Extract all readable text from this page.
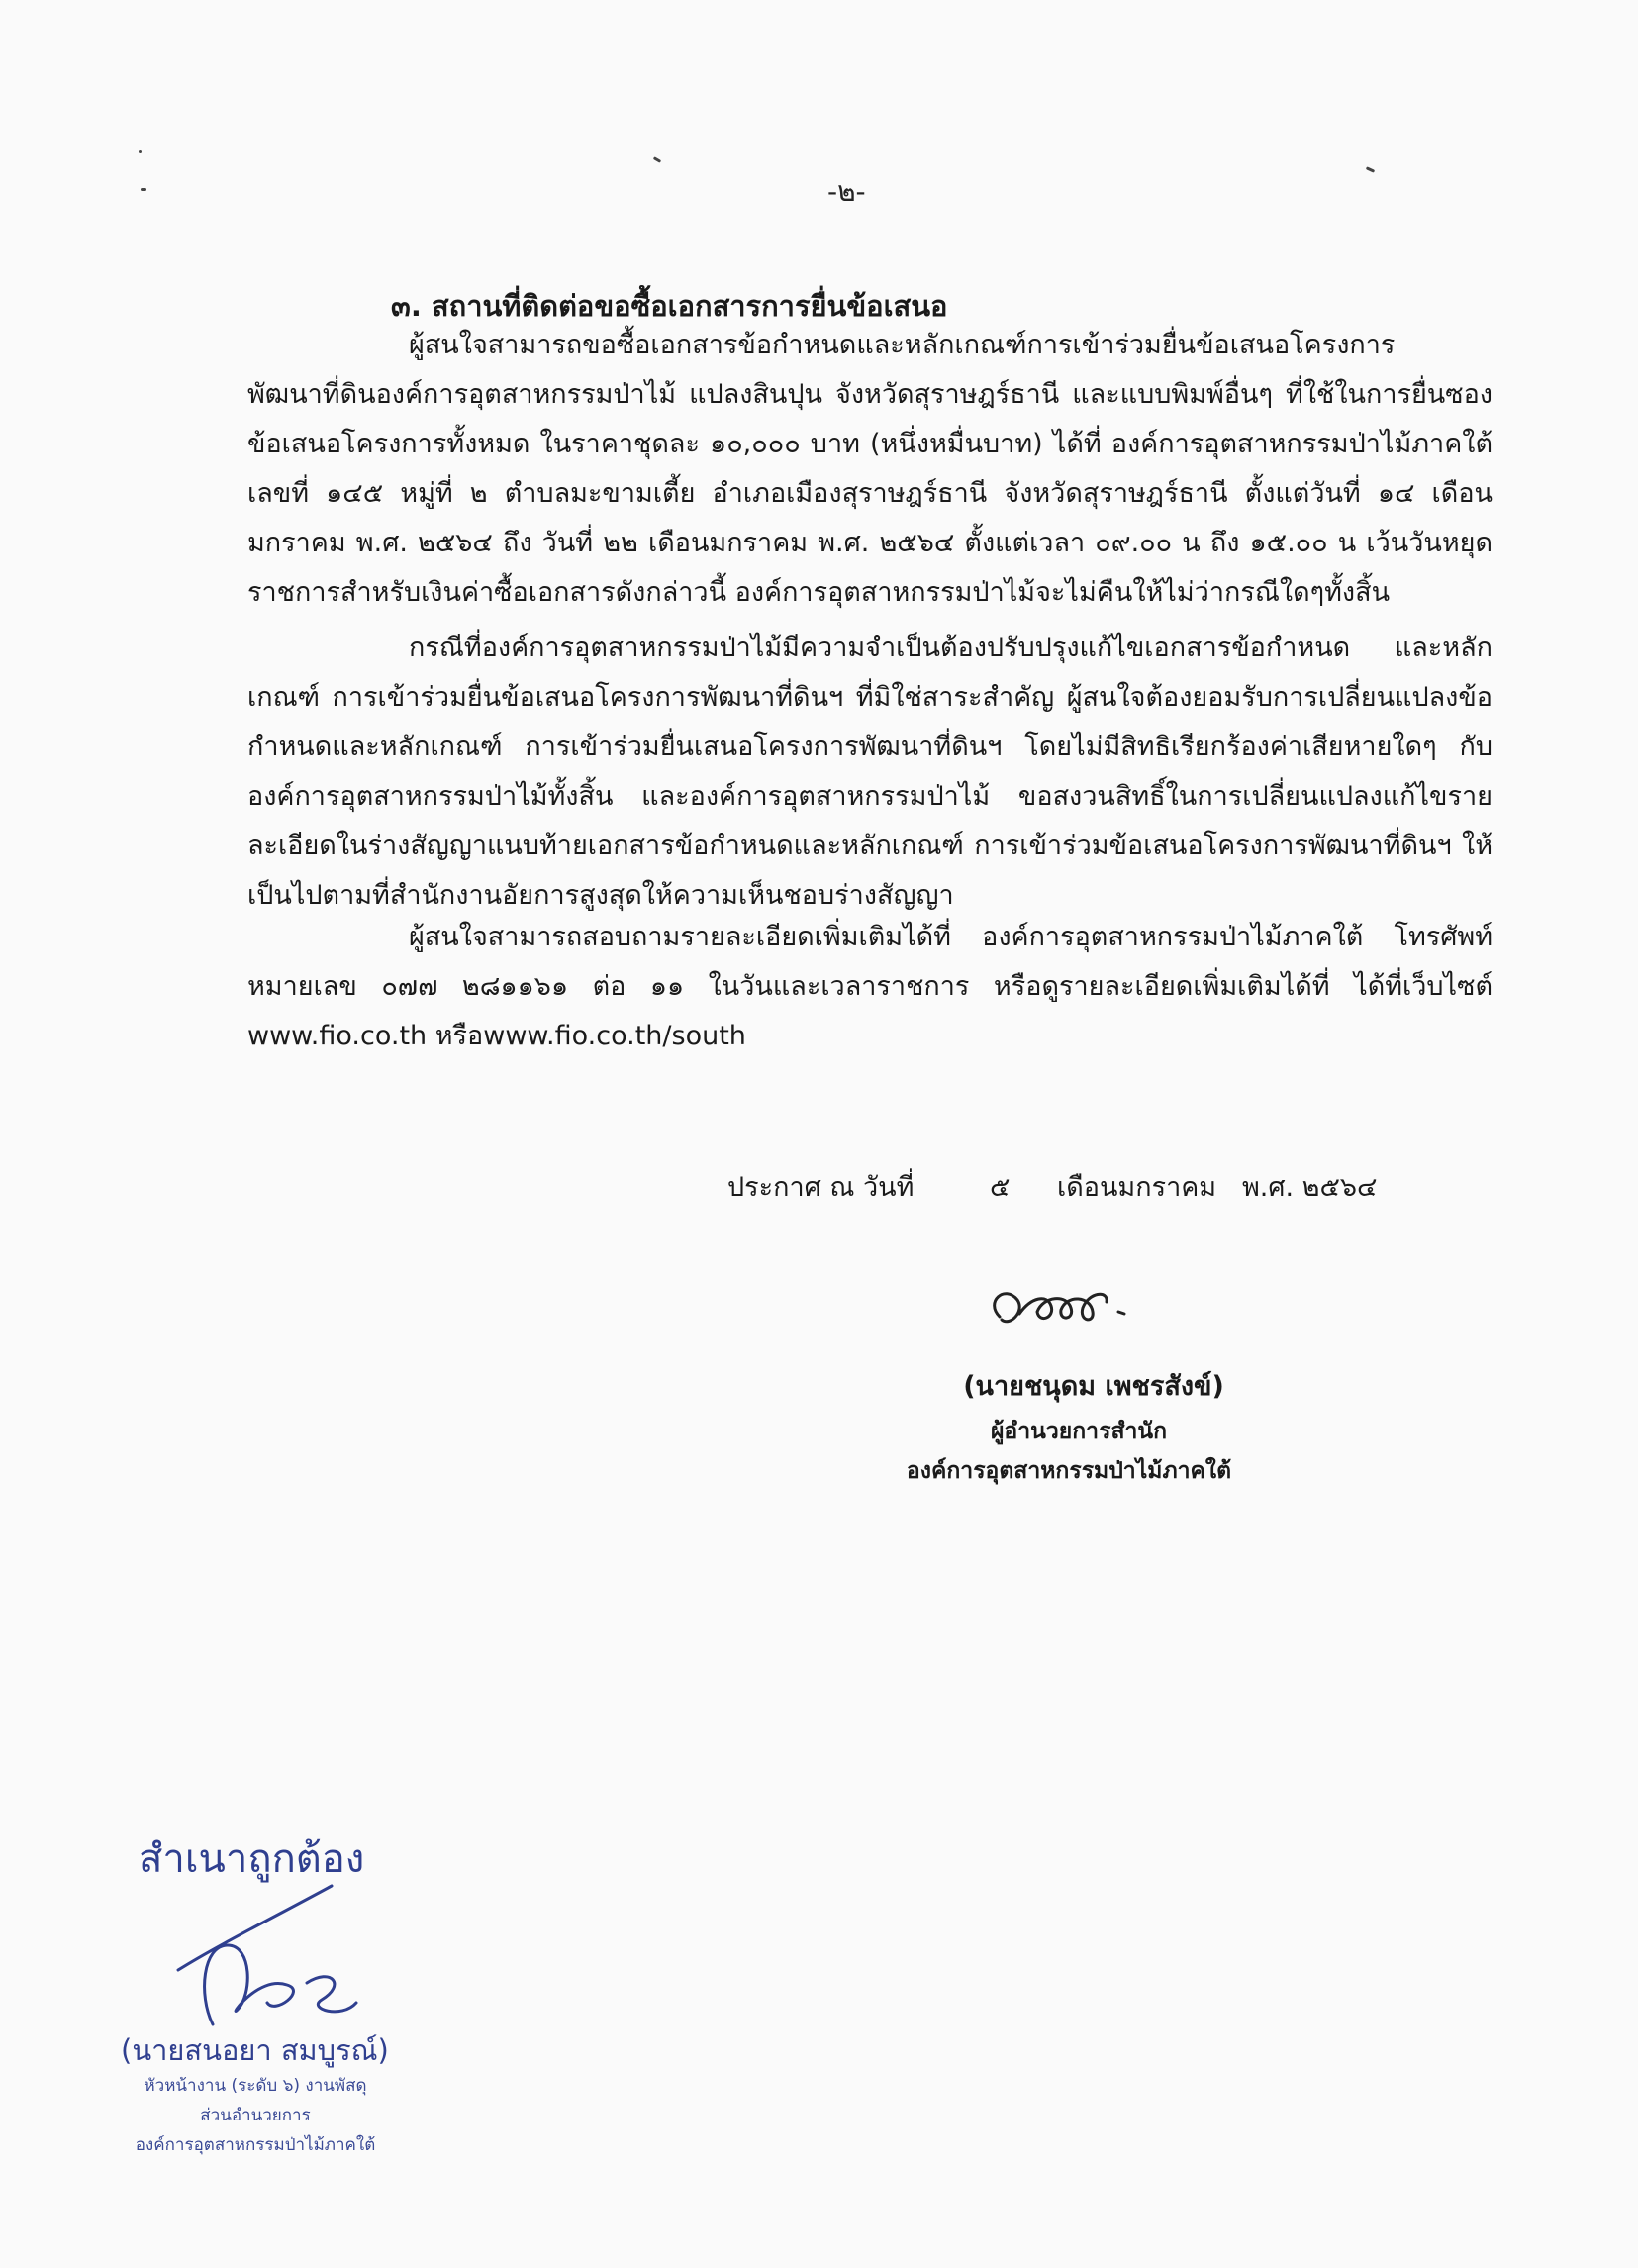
-๒-
๓. สถานที่ติดต่อขอซื้อเอกสารการยื่นข้อเสนอ
ผู้สนใจสามารถขอซื้อเอกสารข้อกำหนดและหลักเกณฑ์การเข้าร่วมยื่นข้อเสนอโครงการพัฒนาที่ดินองค์การอุตสาหกรรมป่าไม้ แปลงสินปุน จังหวัดสุราษฎร์ธานี และแบบพิมพ์อื่นๆ ที่ใช้ในการยื่นซองข้อเสนอโครงการทั้งหมด ในราคาชุดละ ๑๐,๐๐๐ บาท (หนึ่งหมื่นบาท) ได้ที่ องค์การอุตสาหกรรมป่าไม้ภาคใต้ เลขที่ ๑๔๕ หมู่ที่ ๒ ตำบลมะขามเตี้ย อำเภอเมืองสุราษฎร์ธานี จังหวัดสุราษฎร์ธานี ตั้งแต่วันที่ ๑๔ เดือนมกราคม พ.ศ. ๒๕๖๔ ถึง วันที่ ๒๒ เดือนมกราคม พ.ศ. ๒๕๖๔ ตั้งแต่เวลา ๐๙.๐๐ น ถึง ๑๕.๐๐ น เว้นวันหยุดราชการสำหรับเงินค่าซื้อเอกสารดังกล่าวนี้ องค์การอุตสาหกรรมป่าไม้จะไม่คืนให้ไม่ว่ากรณีใดๆทั้งสิ้น
กรณีที่องค์การอุตสาหกรรมป่าไม้มีความจำเป็นต้องปรับปรุงแก้ไขเอกสารข้อกำหนด และหลักเกณฑ์ การเข้าร่วมยื่นข้อเสนอโครงการพัฒนาที่ดินฯ ที่มิใช่สาระสำคัญ ผู้สนใจต้องยอมรับการเปลี่ยนแปลงข้อกำหนดและหลักเกณฑ์ การเข้าร่วมยื่นเสนอโครงการพัฒนาที่ดินฯ โดยไม่มีสิทธิเรียกร้องค่าเสียหายใดๆ กับองค์การอุตสาหกรรมป่าไม้ทั้งสิ้น และองค์การอุตสาหกรรมป่าไม้ ขอสงวนสิทธิ์ในการเปลี่ยนแปลงแก้ไขรายละเอียดในร่างสัญญาแนบท้ายเอกสารข้อกำหนดและหลักเกณฑ์ การเข้าร่วมข้อเสนอโครงการพัฒนาที่ดินฯ ให้เป็นไปตามที่สำนักงานอัยการสูงสุดให้ความเห็นชอบร่างสัญญา
ผู้สนใจสามารถสอบถามรายละเอียดเพิ่มเติมได้ที่ องค์การอุตสาหกรรมป่าไม้ภาคใต้ โทรศัพท์หมายเลข ๐๗๗ ๒๘๑๑๖๑ ต่อ ๑๑ ในวันและเวลาราชการ หรือดูรายละเอียดเพิ่มเติมได้ที่ ได้ที่เว็บไซต์ www.fio.co.th หรือwww.fio.co.th/south
ประกาศ ณ วันที่	๕ เดือนมกราคม พ.ศ. ๒๕๖๔
(นายชนุดม เพชรสังข์)
ผู้อำนวยการสำนัก
องค์การอุตสาหกรรมป่าไม้ภาคใต้
สำเนาถูกต้อง
(นายสนอยา สมบูรณ์)
หัวหน้างาน (ระดับ ๖) งานพัสดุ
ส่วนอำนวยการ
องค์การอุตสาหกรรมป่าไม้ภาคใต้
